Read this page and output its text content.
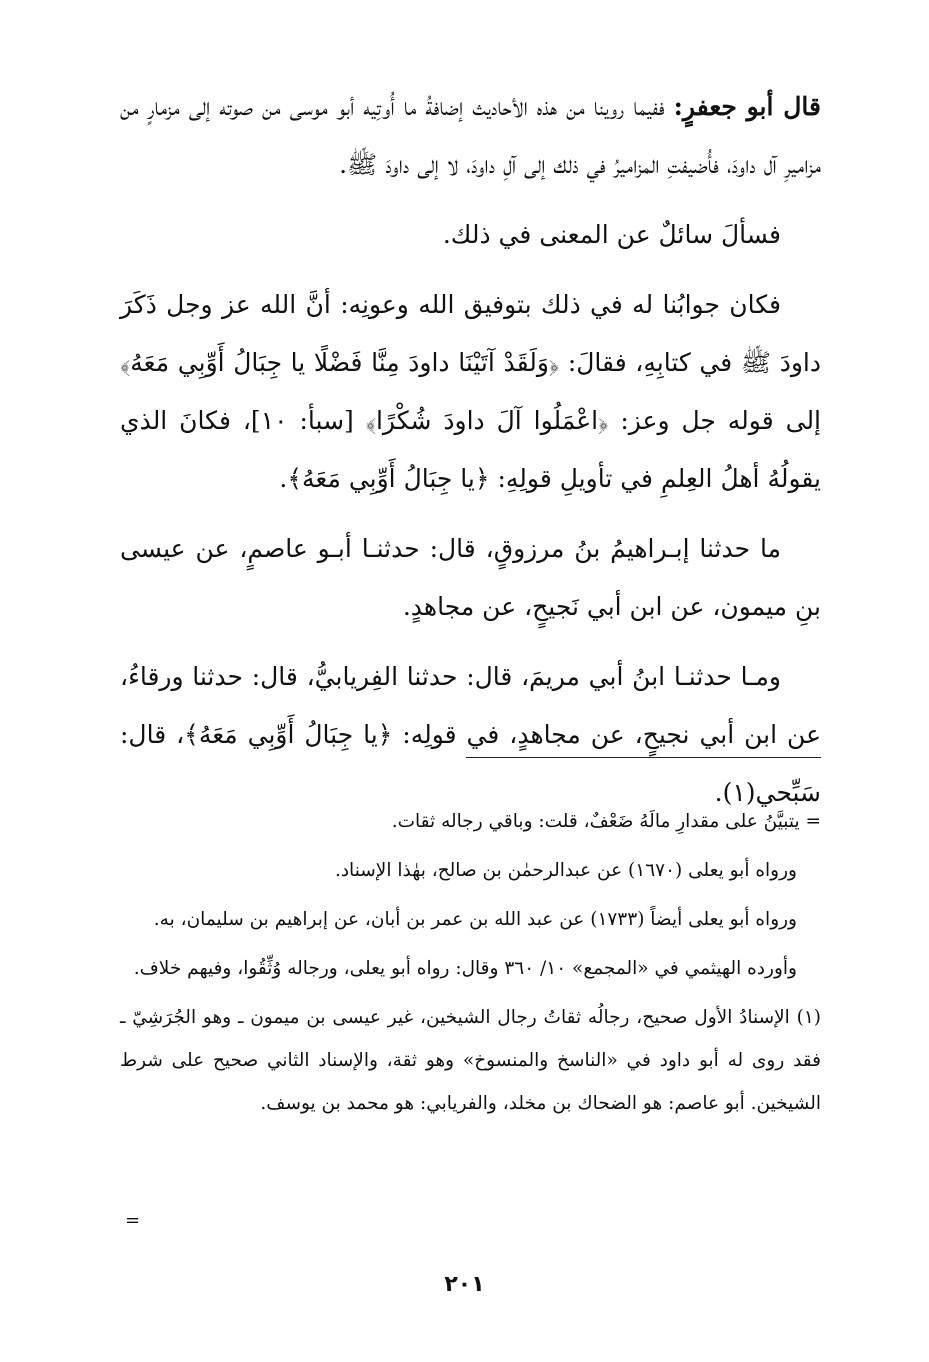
قال أبو جعفرٍ: ففيما روينا من هذه الأحاديث إضافةُ ما أُوتِيه أبو موسى من صوته إلى مزمارٍ من مزاميرِ آل داودَ، فأُضيفتِ المزاميرُ في ذلك إلى آلِ داودَ، لا إلى داودَ ﷺ.

فسألَ سائلٌ عن المعنى في ذلك.

فكان جوابُنا له في ذلك بتوفيق الله وعونِه: أنَّ الله عز وجل ذَكَرَ داودَ ﷺ في كتابِهِ، فقالَ: ﴿وَلَقَدْ آتَيْنَا داودَ مِنَّا فَضْلًا يا جِبَالُ أَوِّبِي مَعَهُ﴾ إلى قوله جل وعز: ﴿اعْمَلُوا آلَ داودَ شُكْرًا﴾ [سبأ: ١٠]، فكانَ الذي يقولُهُ أهلُ العِلمِ في تأويلِ قولِهِ: ﴿يا جِبَالُ أَوِّبِي مَعَهُ﴾.

ما حدثنا إبـراهيمُ بنُ مرزوقٍ، قال: حدثنـا أبـو عاصمٍ، عن عيسى بنِ ميمون، عن ابن أبي نَجيحٍ، عن مجاهدٍ.

ومـا حدثنـا ابنُ أبي مريمَ، قال: حدثنا الفِريابيُّ، قال: حدثنا ورقاءُ، عن ابن أبي نجيحٍ، عن مجاهدٍ، في قولِه: ﴿يا جِبَالُ أَوِّبِي مَعَهُ﴾، قال: سَبِّحي(١).

= يتبيَّنُ على مقدارِ مالَهُ ضَعْفٌ، قلت: وباقي رجاله ثقات.

ورواه أبو يعلى (١٦٧٠) عن عبدالرحمٰن بن صالح، بهٰذا الإسناد.

ورواه أبو يعلى أيضاً (١٧٣٣) عن عبد الله بن عمر بن أبان، عن إبراهيم بن سليمان، به.

وأورده الهيثمي في «المجمع» ١٠/ ٣٦٠ وقال: رواه أبو يعلى، ورجاله وُثِّقُوا، وفيهم خلاف.

(١) الإسنادُ الأول صحيح، رجالُه ثقاتُ رجال الشيخين، غير عيسى بن ميمون ـ وهو الجُرَشِيّ ـ فقد روى له أبو داود في «الناسخ والمنسوخ» وهو ثقة، والإسناد الثاني صحيح على شرط الشيخين. أبو عاصم: هو الضحاك بن مخلد، والفريابي: هو محمد بن يوسف.

=
٢٠١
